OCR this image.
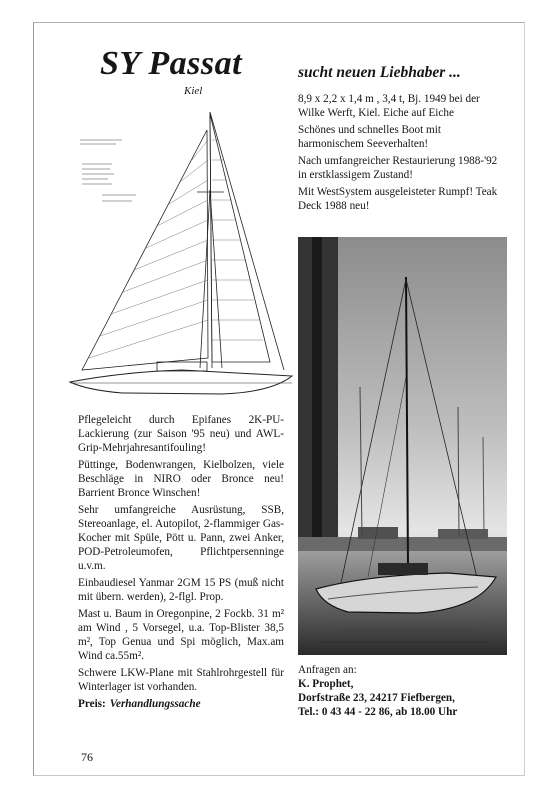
SY Passat
Kiel
sucht neuen Liebhaber ...

8,9 x 2,2 x 1,4 m , 3,4 t, Bj. 1949 bei der Wilke Werft, Kiel. Eiche auf Eiche

Schönes und schnelles Boot mit harmonischem Seeverhalten!

Nach umfangreicher Restaurierung 1988-'92 in erstklassigem Zustand!

Mit WestSystem ausgeleisteter Rumpf! Teak Deck 1988 neu!

Pflegeleicht durch Epifanes 2K-PU-Lackierung (zur Saison '95 neu) und AWL-Grip-Mehrjahresantifouling!

Püttinge, Bodenwrangen, Kielbolzen, viele Beschläge in NIRO oder Bronce neu! Barrient Bronce Winschen!

Sehr umfangreiche Ausrüstung, SSB, Stereoanlage, el. Autopilot, 2-flammiger Gas-Kocher mit Spüle, Pött u. Pann, zwei Anker, POD-Petroleumofen, Pflichtpersenninge u.v.m.

Einbaudiesel Yanmar 2GM 15 PS (muß nicht mit übern. werden), 2-flgl. Prop.

Mast u. Baum in Oregonpine, 2 Fockb. 31 m² am Wind , 5 Vorsegel, u.a. Top-Blister 38,5 m², Top Genua und Spi möglich, Max.am Wind ca.55m².

Schwere LKW-Plane mit Stahlrohrgestell für Winterlager ist vorhanden.

Preis: Verhandlungssache

Anfragen an:
K. Prophet,
Dorfstraße 23, 24217 Fiefbergen,
Tel.: 0 43 44 - 22 86, ab 18.00 Uhr
76
